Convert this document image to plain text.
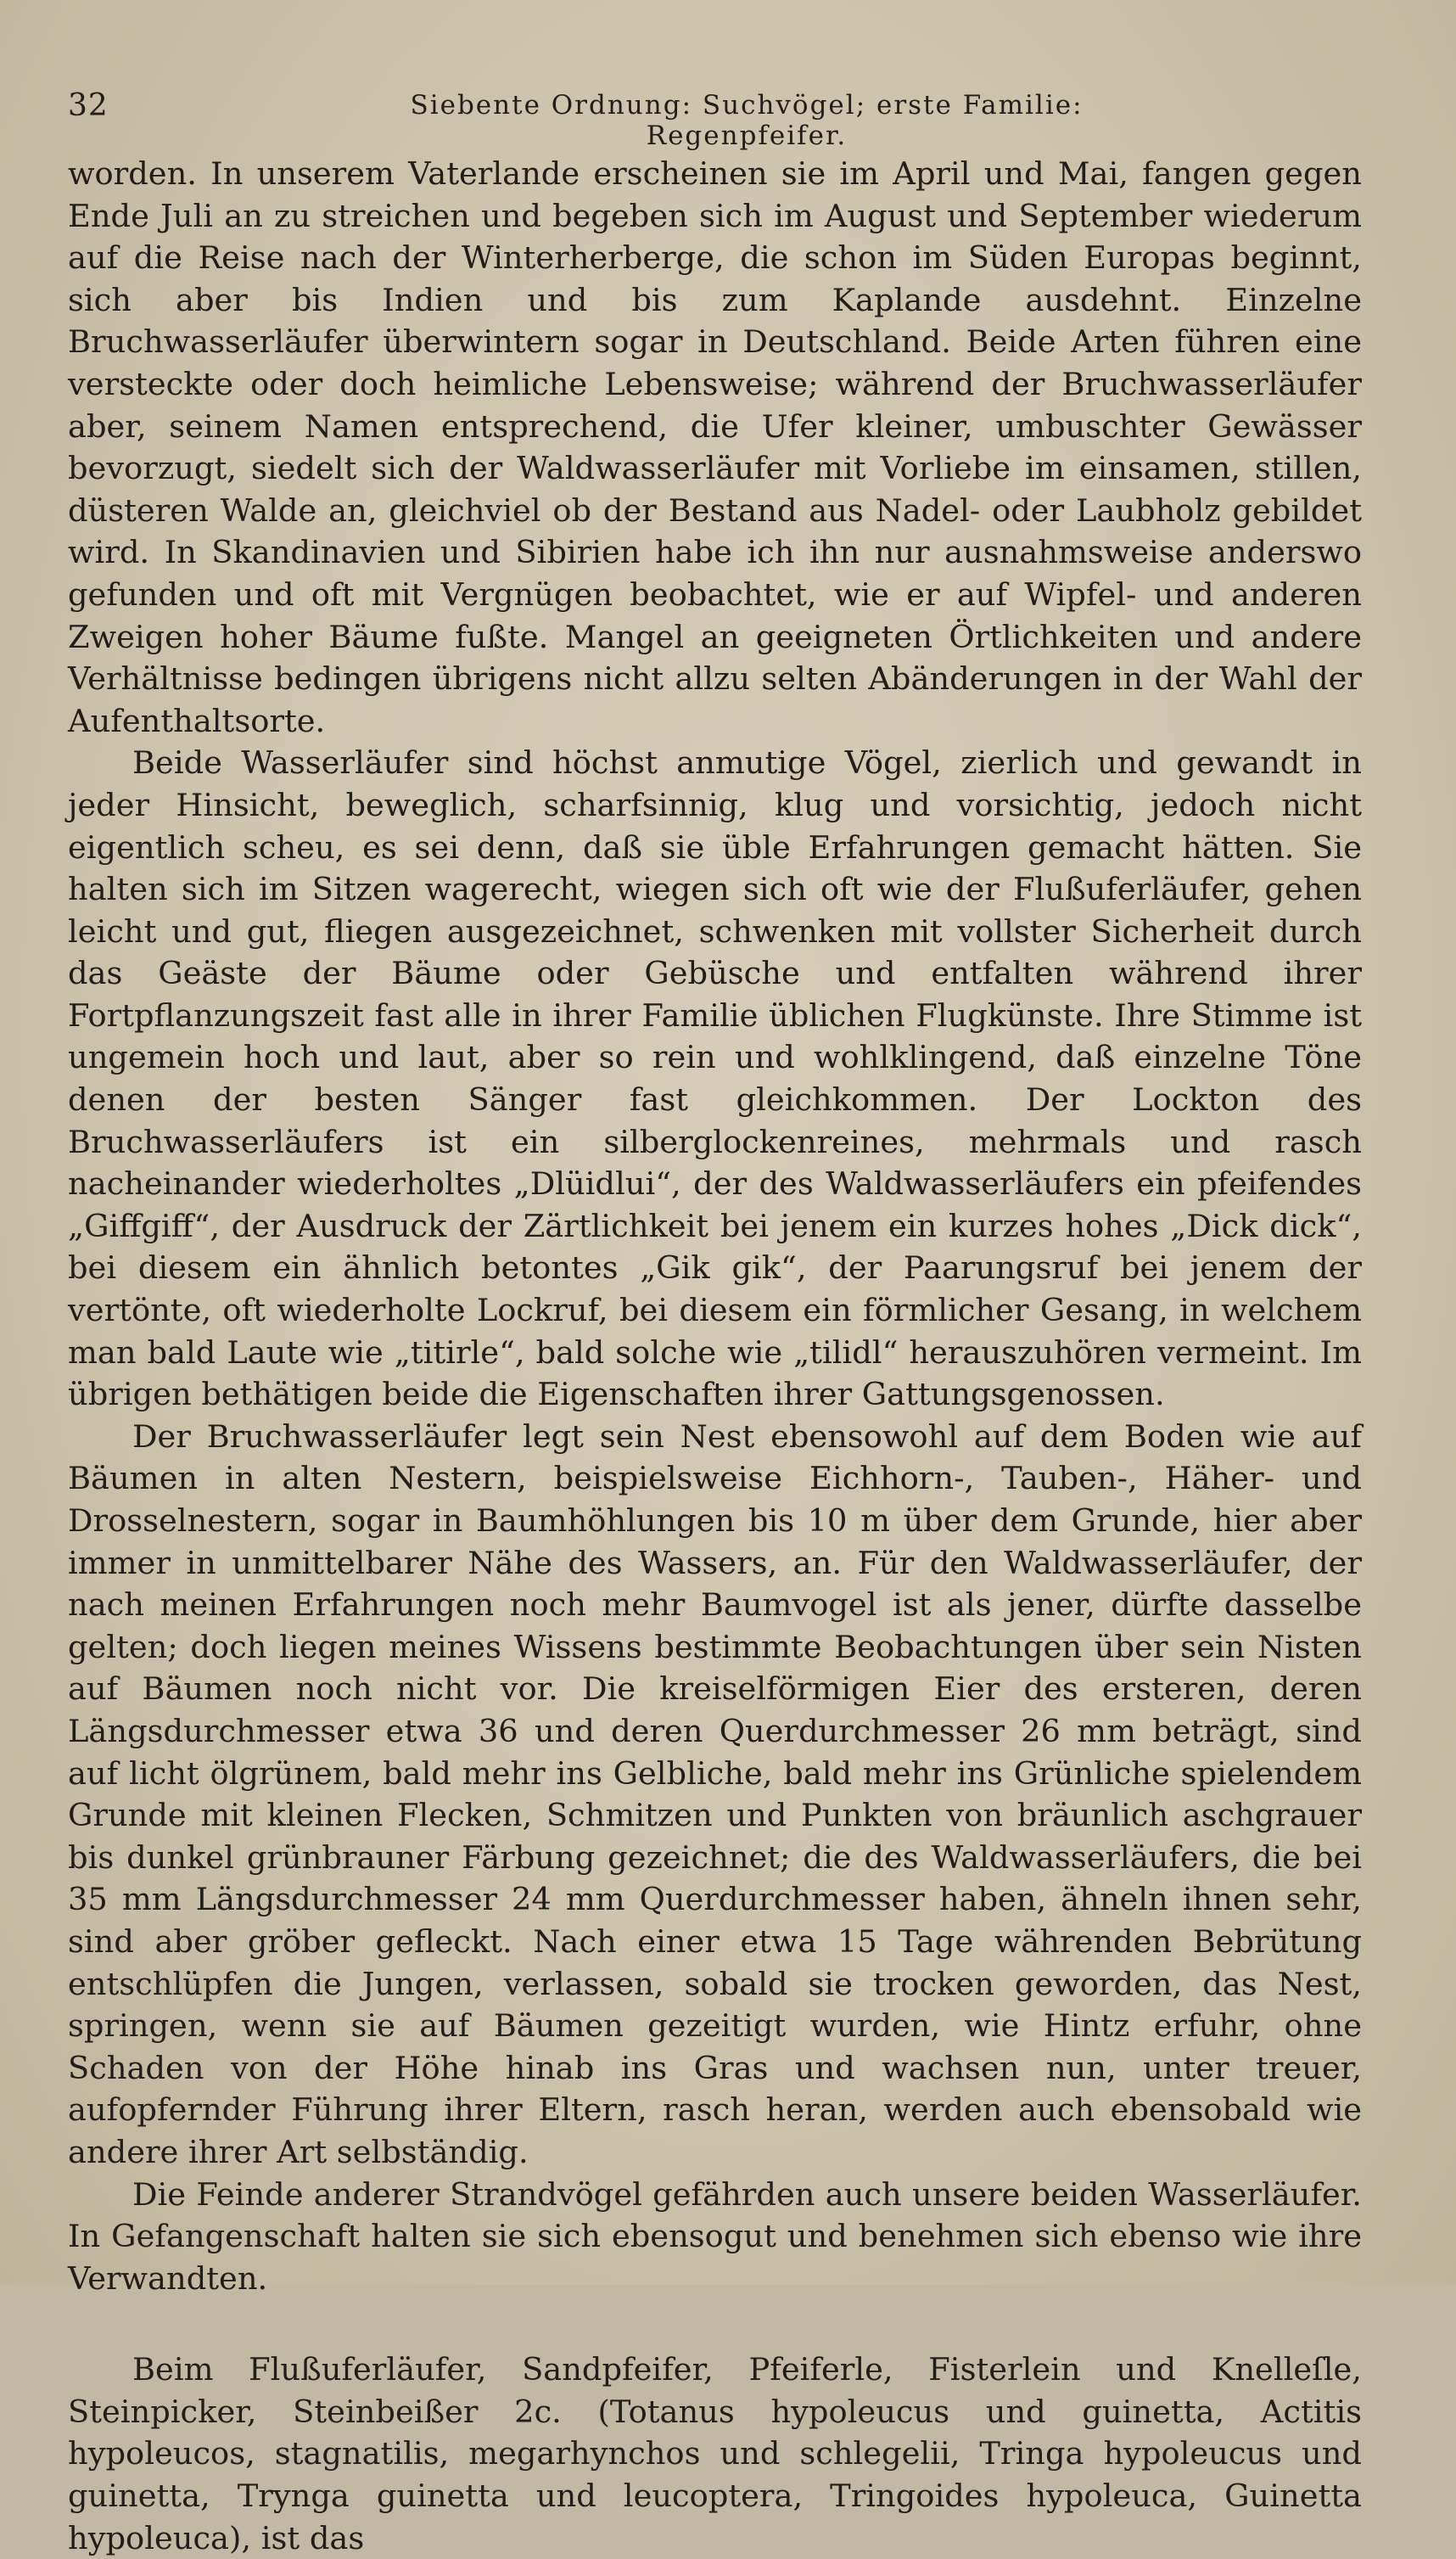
32	Siebente Ordnung: Suchvögel; erste Familie: Regenpfeifer.

worden. In unserem Vaterlande erscheinen sie im April und Mai, fangen gegen Ende Juli an zu streichen und begeben sich im August und September wiederum auf die Reise nach der Winterherberge, die schon im Süden Europas beginnt, sich aber bis Indien und bis zum Kaplande ausdehnt. Einzelne Bruchwasserläufer überwintern sogar in Deutschland. Beide Arten führen eine versteckte oder doch heimliche Lebensweise; während der Bruchwasserläufer aber, seinem Namen entsprechend, die Ufer kleiner, umbuschter Gewässer bevorzugt, siedelt sich der Waldwasserläufer mit Vorliebe im einsamen, stillen, düsteren Walde an, gleichviel ob der Bestand aus Nadel- oder Laubholz gebildet wird. In Skandinavien und Sibirien habe ich ihn nur ausnahmsweise anderswo gefunden und oft mit Vergnügen beobachtet, wie er auf Wipfel- und anderen Zweigen hoher Bäume fußte. Mangel an geeigneten Örtlichkeiten und andere Verhältnisse bedingen übrigens nicht allzu selten Abänderungen in der Wahl der Aufenthaltsorte.

Beide Wasserläufer sind höchst anmutige Vögel, zierlich und gewandt in jeder Hinsicht, beweglich, scharfsinnig, klug und vorsichtig, jedoch nicht eigentlich scheu, es sei denn, daß sie üble Erfahrungen gemacht hätten. Sie halten sich im Sitzen wagerecht, wiegen sich oft wie der Flußuferläufer, gehen leicht und gut, fliegen ausgezeichnet, schwenken mit vollster Sicherheit durch das Geäste der Bäume oder Gebüsche und entfalten während ihrer Fortpflanzungszeit fast alle in ihrer Familie üblichen Flugkünste. Ihre Stimme ist ungemein hoch und laut, aber so rein und wohlklingend, daß einzelne Töne denen der besten Sänger fast gleichkommen. Der Lockton des Bruchwasserläufers ist ein silberglockenreines, mehrmals und rasch nacheinander wiederholtes „Dlüidlui“, der des Waldwasserläufers ein pfeifendes „Giffgiff“, der Ausdruck der Zärtlichkeit bei jenem ein kurzes hohes „Dick dick“, bei diesem ein ähnlich betontes „Gik gik“, der Paarungsruf bei jenem der vertönte, oft wiederholte Lockruf, bei diesem ein förmlicher Gesang, in welchem man bald Laute wie „titirle“, bald solche wie „tilidl“ herauszuhören vermeint. Im übrigen bethätigen beide die Eigenschaften ihrer Gattungsgenossen.

Der Bruchwasserläufer legt sein Nest ebensowohl auf dem Boden wie auf Bäumen in alten Nestern, beispielsweise Eichhorn-, Tauben-, Häher- und Drosselnestern, sogar in Baumhöhlungen bis 10 m über dem Grunde, hier aber immer in unmittelbarer Nähe des Wassers, an. Für den Waldwasserläufer, der nach meinen Erfahrungen noch mehr Baumvogel ist als jener, dürfte dasselbe gelten; doch liegen meines Wissens bestimmte Beobachtungen über sein Nisten auf Bäumen noch nicht vor. Die kreiselförmigen Eier des ersteren, deren Längsdurchmesser etwa 36 und deren Querdurchmesser 26 mm beträgt, sind auf licht ölgrünem, bald mehr ins Gelbliche, bald mehr ins Grünliche spielendem Grunde mit kleinen Flecken, Schmitzen und Punkten von bräunlich aschgrauer bis dunkel grünbrauner Färbung gezeichnet; die des Waldwasserläufers, die bei 35 mm Längsdurchmesser 24 mm Querdurchmesser haben, ähneln ihnen sehr, sind aber gröber gefleckt. Nach einer etwa 15 Tage währenden Bebrütung entschlüpfen die Jungen, verlassen, sobald sie trocken geworden, das Nest, springen, wenn sie auf Bäumen gezeitigt wurden, wie Hintz erfuhr, ohne Schaden von der Höhe hinab ins Gras und wachsen nun, unter treuer, aufopfernder Führung ihrer Eltern, rasch heran, werden auch ebensobald wie andere ihrer Art selbständig.

Die Feinde anderer Strandvögel gefährden auch unsere beiden Wasserläufer. In Gefangenschaft halten sie sich ebensogut und benehmen sich ebenso wie ihre Verwandten.

Beim Flußuferläufer, Sandpfeifer, Pfeiferle, Fisterlein und Knelleſle, Steinpicker, Steinbeißer 2c. (Totanus hypoleucus und guinetta, Actitis hypoleucos, stagnatilis, megarhynchos und schlegelii, Tringa hypoleucus und guinetta, Trynga guinetta und leucoptera, Tringoides hypoleuca, Guinetta hypoleuca), ist das
